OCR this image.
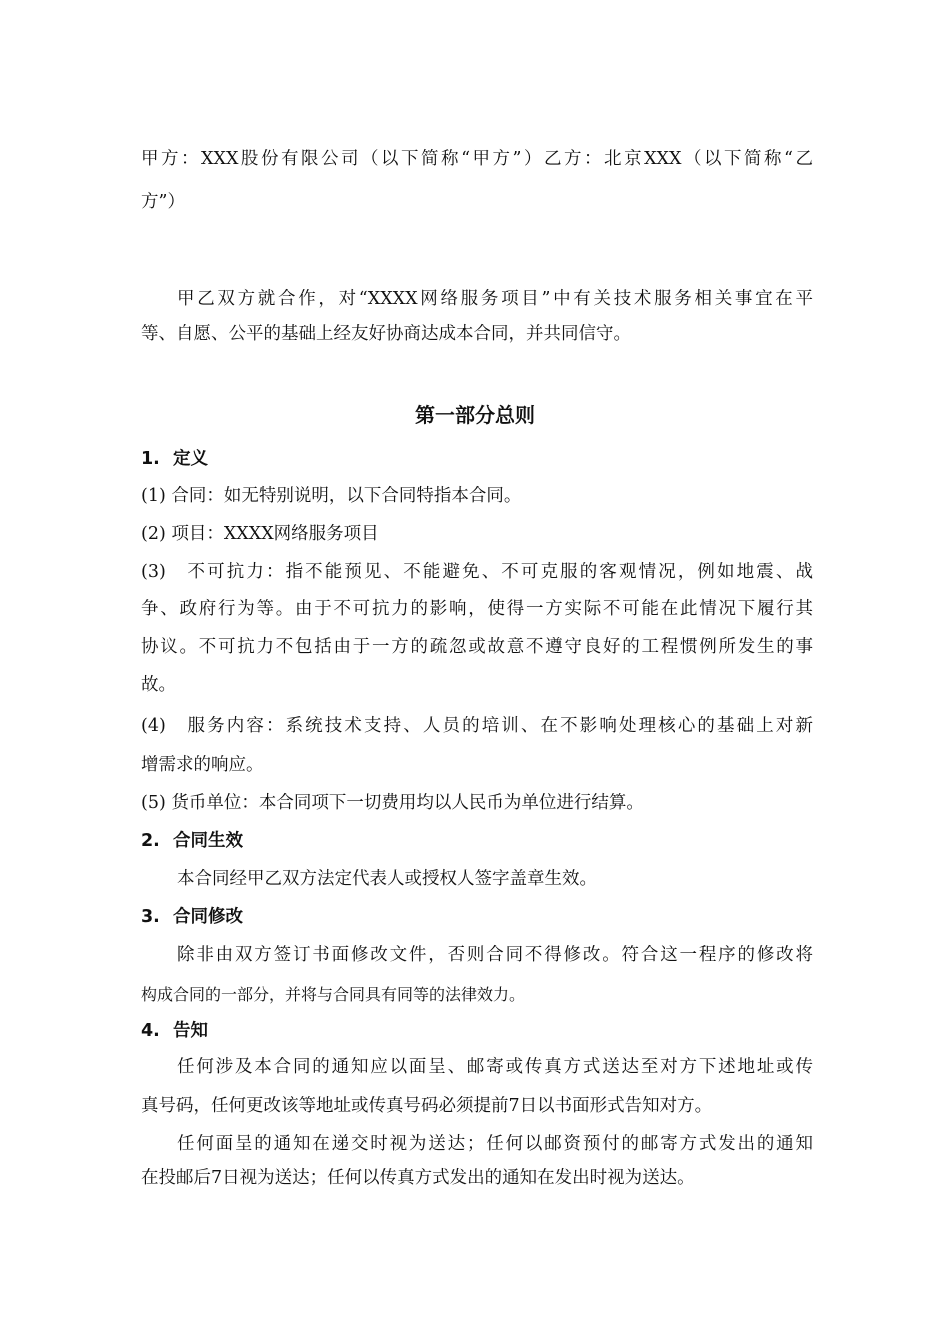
甲方：XXX股份有限公司（以下简称“甲方”）乙方：北京XXX（以下简称“乙
方”）
甲乙双方就合作，对“XXXX网络服务项目”中有关技术服务相关事宜在平
等、自愿、公平的基础上经友好协商达成本合同，并共同信守。
第一部分总则
1. 定义
(1) 合同：如无特别说明，以下合同特指本合同。
(2) 项目：XXXX网络服务项目
(3)　不可抗力：指不能预见、不能避免、不可克服的客观情况，例如地震、战
争、政府行为等。由于不可抗力的影响，使得一方实际不可能在此情况下履行其
协议。不可抗力不包括由于一方的疏忽或故意不遵守良好的工程惯例所发生的事
故。
(4)　服务内容：系统技术支持、人员的培训、在不影响处理核心的基础上对新
增需求的响应。
(5) 货币单位：本合同项下一切费用均以人民币为单位进行结算。
2. 合同生效
本合同经甲乙双方法定代表人或授权人签字盖章生效。
3. 合同修改
除非由双方签订书面修改文件，否则合同不得修改。符合这一程序的修改将
构成合同的一部分，并将与合同具有同等的法律效力。
4. 告知
任何涉及本合同的通知应以面呈、邮寄或传真方式送达至对方下述地址或传
真号码，任何更改该等地址或传真号码必须提前7日以书面形式告知对方。
任何面呈的通知在递交时视为送达；任何以邮资预付的邮寄方式发出的通知
在投邮后7日视为送达；任何以传真方式发出的通知在发出时视为送达。
